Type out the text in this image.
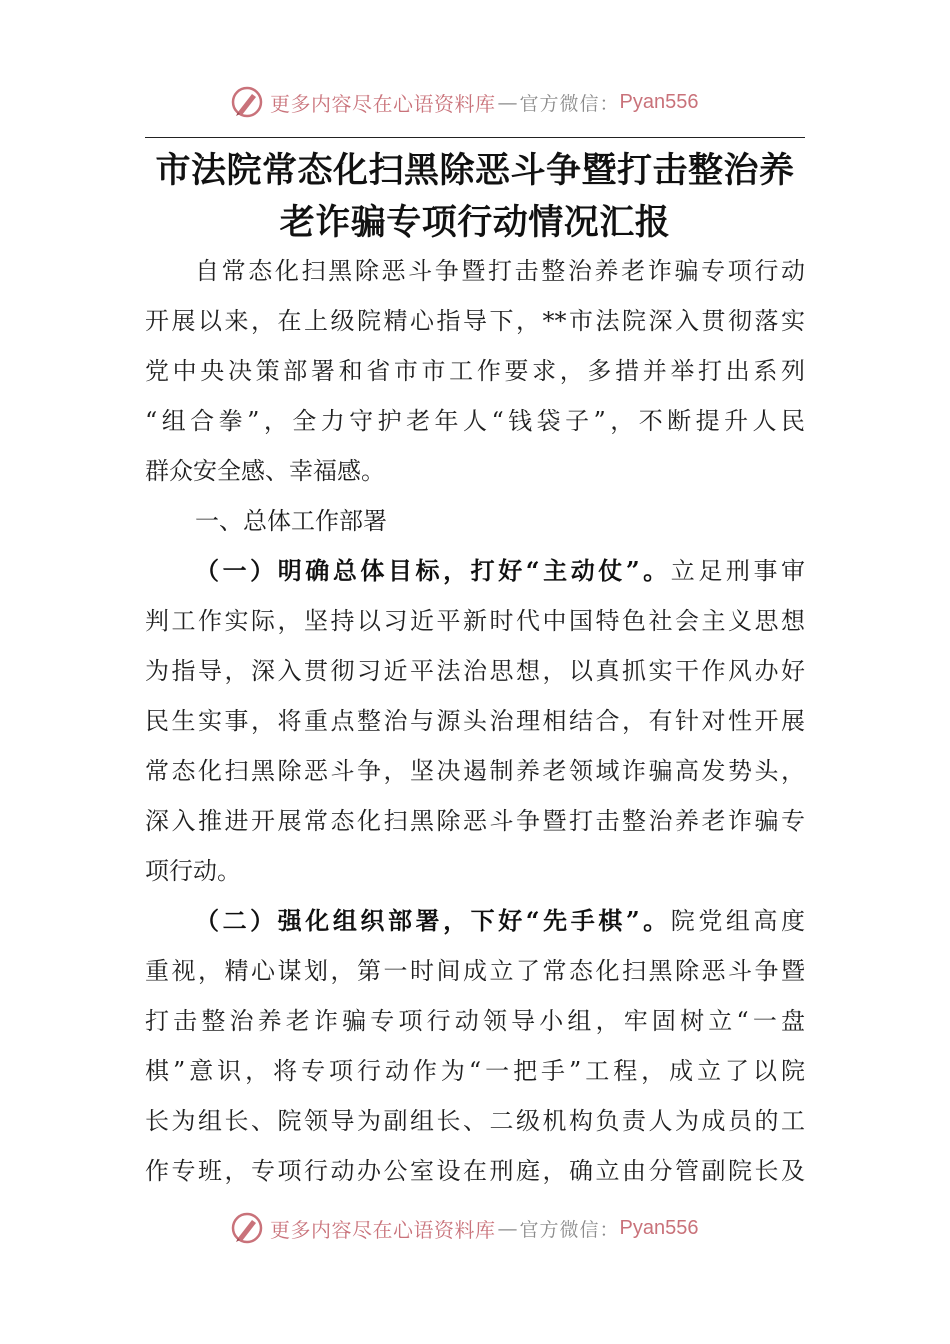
更多内容尽在心语资料库 — 官方微信： Pyan556
市法院常态化扫黑除恶斗争暨打击整治养
老诈骗专项行动情况汇报
自常态化扫黑除恶斗争暨打击整治养老诈骗专项行动
开展以来，在上级院精心指导下，**市法院深入贯彻落实
党中央决策部署和省市市工作要求，多措并举打出系列
“组合拳”，全力守护老年人“钱袋子”，不断提升人民
群众安全感、幸福感。
一、总体工作部署
（一）明确总体目标，打好“主动仗”。立足刑事审
判工作实际，坚持以习近平新时代中国特色社会主义思想
为指导，深入贯彻习近平法治思想，以真抓实干作风办好
民生实事，将重点整治与源头治理相结合，有针对性开展
常态化扫黑除恶斗争，坚决遏制养老领域诈骗高发势头，
深入推进开展常态化扫黑除恶斗争暨打击整治养老诈骗专
项行动。
（二）强化组织部署，下好“先手棋”。院党组高度
重视，精心谋划，第一时间成立了常态化扫黑除恶斗争暨
打击整治养老诈骗专项行动领导小组，牢固树立“一盘
棋”意识，将专项行动作为“一把手”工程，成立了以院
长为组长、院领导为副组长、二级机构负责人为成员的工
作专班，专项行动办公室设在刑庭，确立由分管副院长及
更多内容尽在心语资料库 — 官方微信： Pyan556
